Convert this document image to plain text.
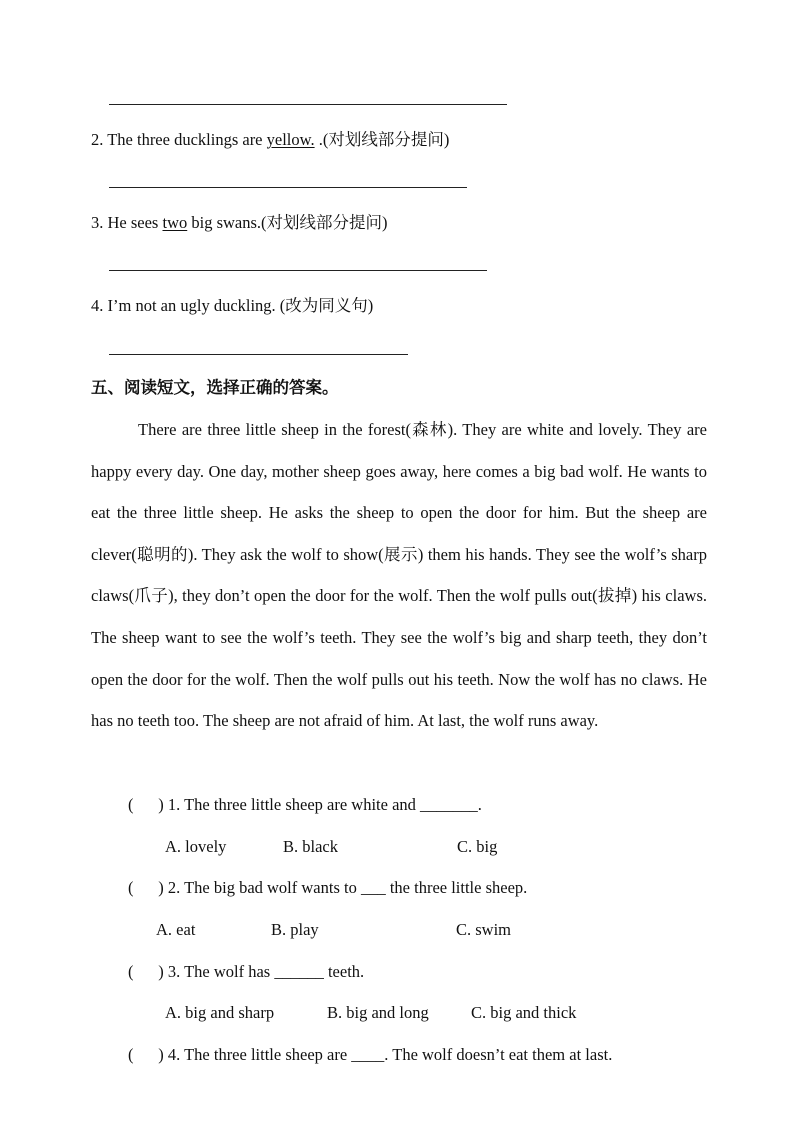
2. The three ducklings are yellow. .(对划线部分提问)
3. He sees two big swans.(对划线部分提问)
4. I’m not an ugly duckling. (改为同义句)
五、阅读短文，选择正确的答案。
There are three little sheep in the forest(森林). They are white and lovely. They are happy every day. One day, mother sheep goes away, here comes a big bad wolf. He wants to eat the three little sheep. He asks the sheep to open the door for him. But the sheep are clever(聪明的). They ask the wolf to show(展示) them his hands. They see the wolf’s sharp claws(爪子), they don’t open the door for the wolf. Then the wolf pulls out(拔掉) his claws. The sheep want to see the wolf’s teeth. They see the wolf’s big and sharp teeth, they don’t open the door for the wolf. Then the wolf pulls out his teeth. Now the wolf has no claws. He has no teeth too. The sheep are not afraid of him. At last, the wolf runs away.
(      ) 1. The three little sheep are white and _______.
A. lovely	B. black	C. big
(      ) 2. The big bad wolf wants to ___ the three little sheep.
A. eat	B. play	C. swim
(      ) 3. The wolf has ______ teeth.
A. big and sharp	B. big and long	C. big and thick
(      ) 4. The three little sheep are ____. The wolf doesn’t eat them at last.
